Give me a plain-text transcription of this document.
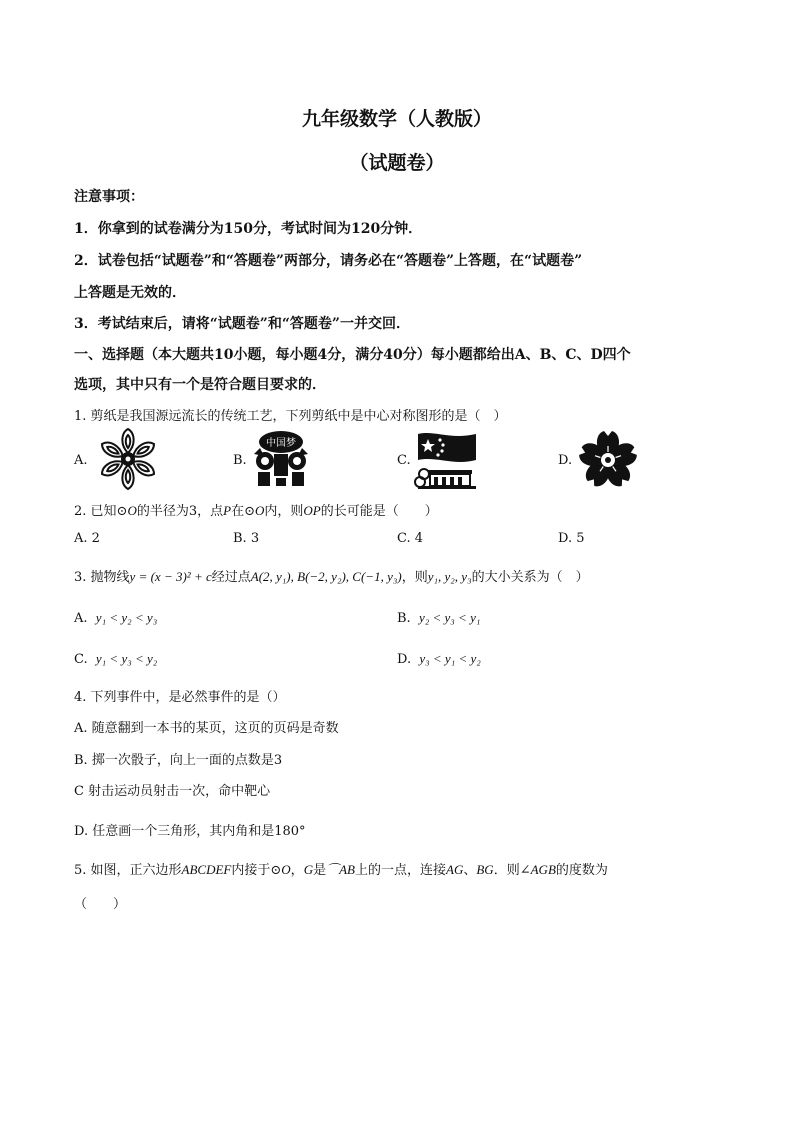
九年级数学（人教版）
（试题卷）
注意事项：
1．你拿到的试卷满分为150分，考试时间为120分钟．
2．试卷包括“试题卷”和“答题卷”两部分，请务必在“答题卷”上答题，在“试题卷”
上答题是无效的．
3．考试结束后，请将“试题卷”和“答题卷”一并交回．
一、选择题（本大题共10小题，每小题4分，满分40分）每小题都给出A、B、C、D四个
选项，其中只有一个是符合题目要求的．
1. 剪纸是我国源远流长的传统工艺，下列剪纸中是中心对称图形的是（　）
A.	B.
中国梦
C.	D.
2. 已知⊙O的半径为3，点P在⊙O内，则OP的长可能是（　　）
A. 2	B. 3	C. 4	D. 5
3. 抛物线y = (x − 3)² + c经过点A(2, y₁), B(−2, y₂), C(−1, y₃)，则y₁, y₂, y₃的大小关系为（　）
A. y₁ < y₂ < y₃	B. y₂ < y₃ < y₁
C. y₁ < y₃ < y₂	D. y₃ < y₁ < y₂
4. 下列事件中，是必然事件的是（）
A. 随意翻到一本书的某页，这页的页码是奇数
B. 掷一次骰子，向上一面的点数是3
C 射击运动员射击一次，命中靶心
D. 任意画一个三角形，其内角和是180°
5. 如图，正六边形ABCDEF内接于⊙O，G是⌒AB上的一点，连接AG、BG．则∠AGB的度数为
（　　）
